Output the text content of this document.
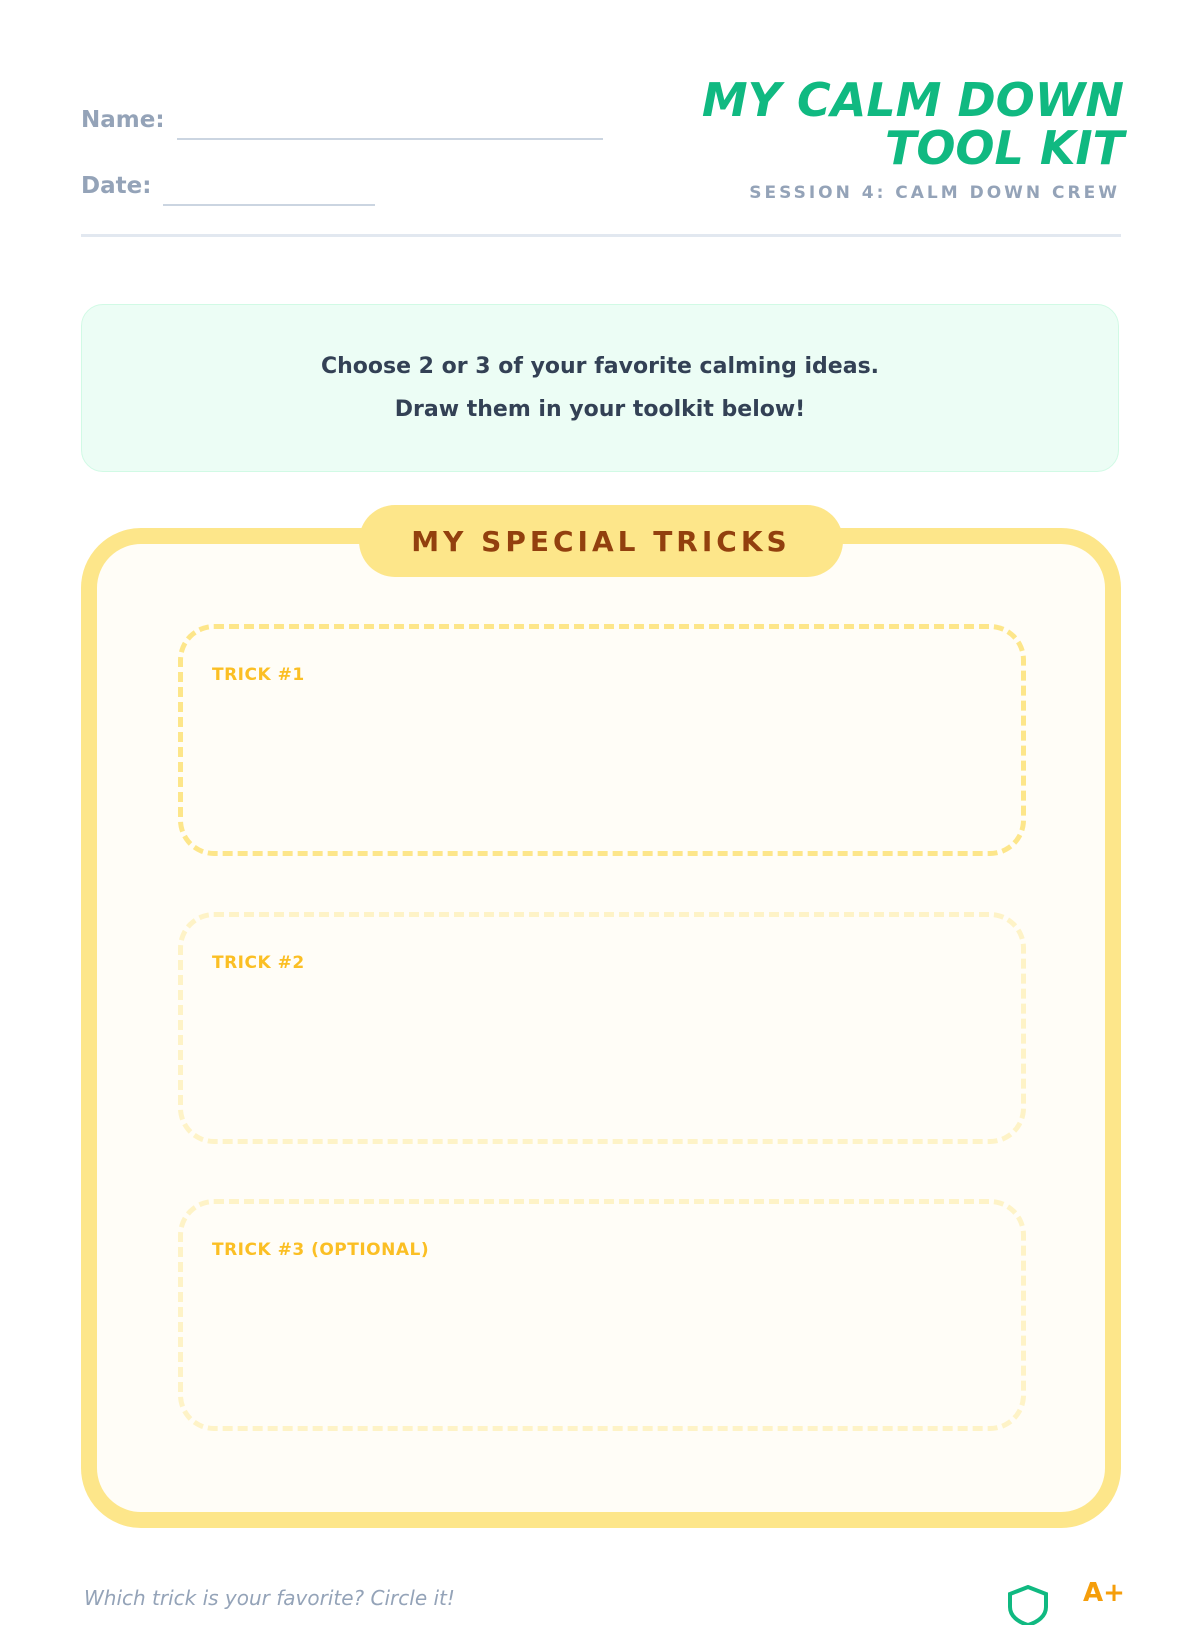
Name:
Date:
MY CALM DOWN
TOOL KIT
SESSION 4: CALM DOWN CREW
Choose 2 or 3 of your favorite calming ideas.
Draw them in your toolkit below!
MY SPECIAL TRICKS
TRICK #1
TRICK #2
TRICK #3 (OPTIONAL)
Which trick is your favorite? Circle it!	A+
